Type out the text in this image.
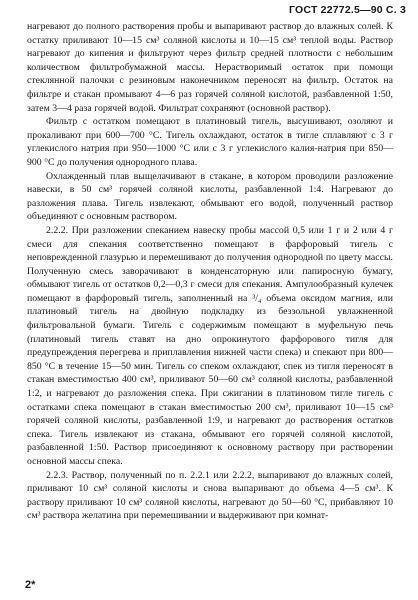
ГОСТ 22772.5—90 С. 3

нагревают до полного растворения пробы и выпаривают раствор до влажных солей. К остатку приливают 10—15 см³ соляной кислоты и 10—15 см³ теплой воды. Раствор нагревают до кипения и фильтруют через фильтр средней плотности с небольшим количеством фильтробумажной массы. Нерастворимый остаток при помощи стеклянной палочки с резиновым наконечником переносят на фильтр. Остаток на фильтре и стакан промывают 4—6 раз горячей соляной кислотой, разбавленной 1:50, затем 3—4 раза горячей водой. Фильтрат сохраняют (основной раствор).

Фильтр с остатком помещают в платиновый тигель, высушивают, озоляют и прокаливают при 600—700 °С. Тигель охлаждают, остаток в тигле сплавляют с 3 г углекислого натрия при 950—1000 °С или с 3 г углекислого калия-натрия при 850—900 °С до получения однородного плава.

Охлажденный плав выщелачивают в стакане, в котором проводили разложение навески, в 50 см³ горячей соляной кислоты, разбавленной 1:4. Нагревают до разложения плава. Тигель извлекают, обмывают его водой, полученный раствор объединяют с основным раствором.

2.2.2. При разложении спеканием навеску пробы массой 0,5 или 1 г и 2 или 4 г смеси для спекания соответственно помещают в фарфоровый тигель с неповрежденной глазурью и перемешивают до получения однородной по цвету массы. Полученную смесь заворачивают в конденсаторную или папиросную бумагу, обмывают тигель от остатков 0,2—0,3 г смеси для спекания. Ампулообразный кулечек помещают в фарфоровый тигель, заполненный на ³/₄ объема оксидом магния, или платиновый тигель на двойную подкладку из беззольной увлажненной фильтровальной бумаги. Тигель с содержимым помещают в муфельную печь (платиновый тигель ставят на дно опрокинутого фарфорового тигля для предупреждения перегрева и приплавления нижней части спека) и спекают при 800—850 °С в течение 15—50 мин. Тигель со спеком охлаждают, спек из тигля переносят в стакан вместимостью 400 см³, приливают 50—60 см³ соляной кислоты, разбавленной 1:2, и нагревают до разложения спека. При сжигании в платиновом тигле тигель с остатками спека помещают в стакан вместимостью 200 см³, приливают 10—15 см³ горячей соляной кислоты, разбавленной 1:9, и нагревают до растворения остатков спека. Тигель извлекают из стакана, обмывают его горячей соляной кислотой, разбавленной 1:50. Раствор присоединяют к основному раствору при растворении основной массы спека.

2.2.3. Раствор, полученный по п. 2.2.1 или 2.2.2, выпаривают до влажных солей, приливают 10 см³ соляной кислоты и снова выпаривают до объема 4—5 см³. К раствору приливают 10 см³ соляной кислоты, нагревают до 50—60 °С, прибавляют 10 см³ раствора желатина при перемешивании и выдерживают при комнат-

2*
